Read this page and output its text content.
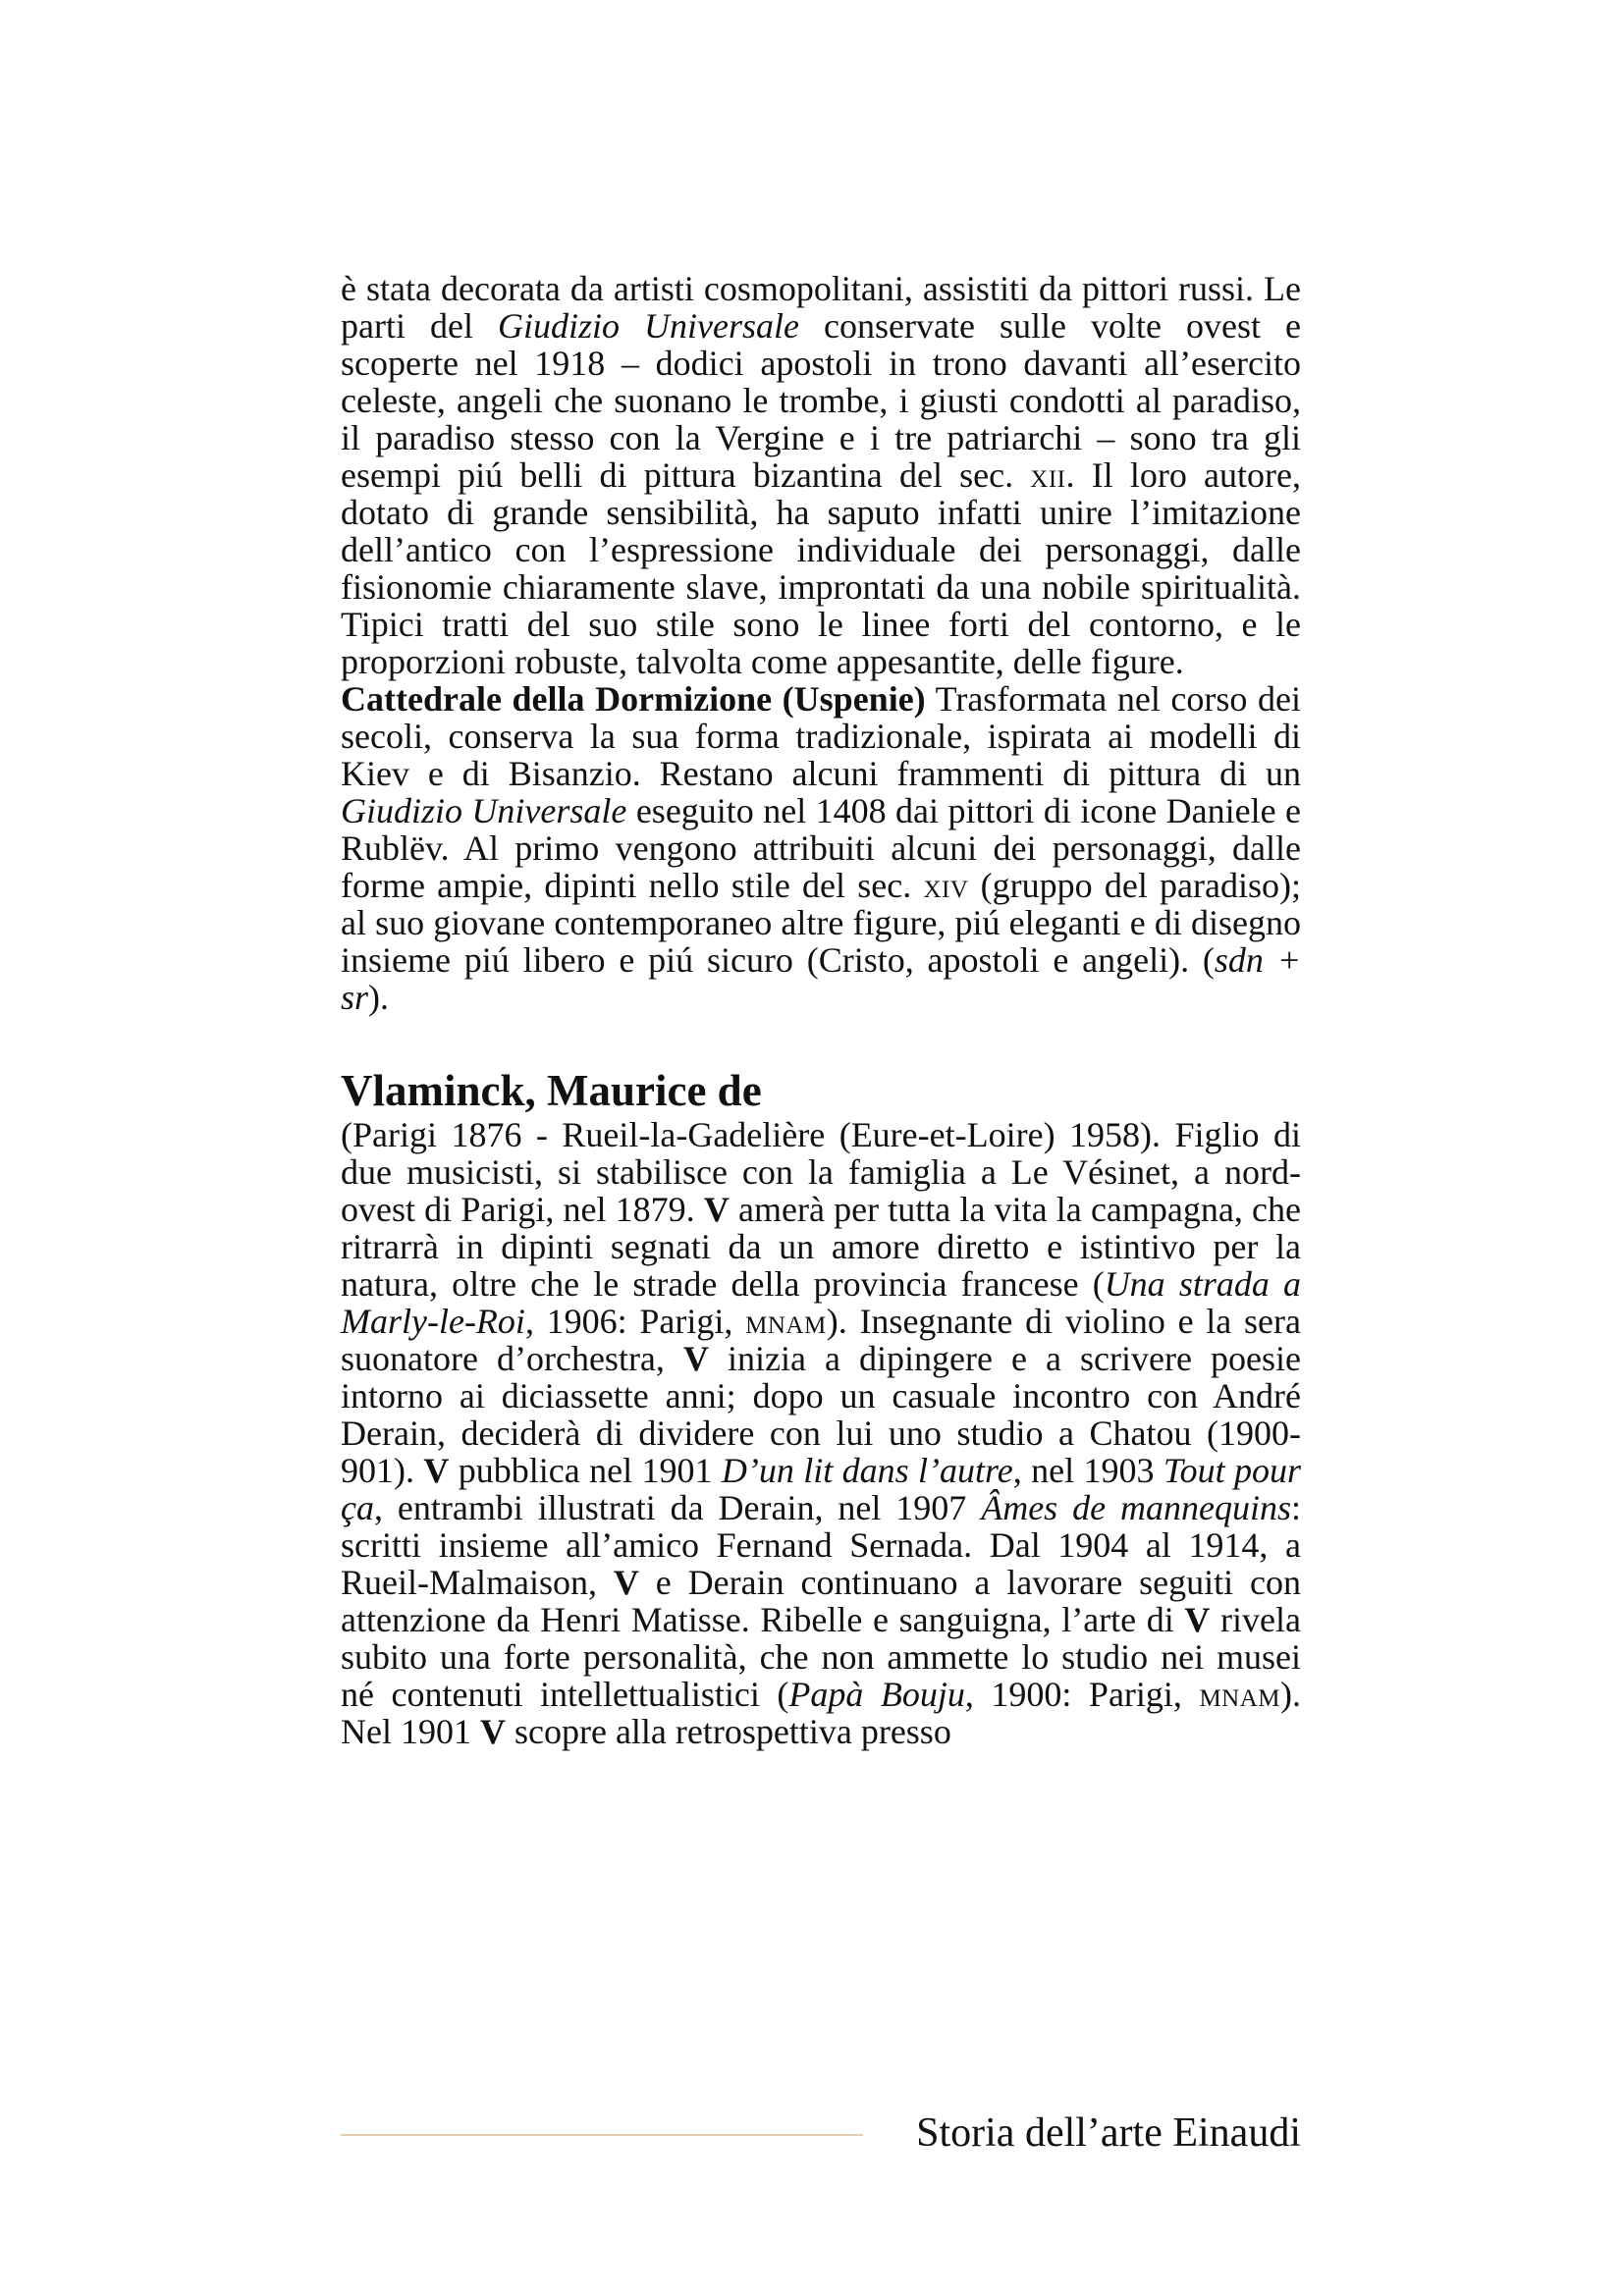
è stata decorata da artisti cosmopolitani, assistiti da pittori russi. Le parti del Giudizio Universale conservate sulle volte ovest e scoperte nel 1918 – dodici apostoli in trono davanti all’esercito celeste, angeli che suonano le trombe, i giusti condotti al paradiso, il paradiso stesso con la Vergine e i tre patriarchi – sono tra gli esempi piú belli di pittura bizantina del sec. xii. Il loro autore, dotato di grande sensibilità, ha saputo infatti unire l’imitazione dell’antico con l’espressione individuale dei personaggi, dalle fisionomie chiaramente slave, improntati da una nobile spiritualità. Tipici tratti del suo stile sono le linee forti del contorno, e le proporzioni robuste, talvolta come appesantite, delle figure.

Cattedrale della Dormizione (Uspenie) Trasformata nel corso dei secoli, conserva la sua forma tradizionale, ispirata ai modelli di Kiev e di Bisanzio. Restano alcuni frammenti di pittura di un Giudizio Universale eseguito nel 1408 dai pittori di icone Daniele e Rublëv. Al primo vengono attribuiti alcuni dei personaggi, dalle forme ampie, dipinti nello stile del sec. xiv (gruppo del paradiso); al suo giovane contemporaneo altre figure, piú eleganti e di disegno insieme piú libero e piú sicuro (Cristo, apostoli e angeli). (sdn + sr).

Vlaminck, Maurice de

(Parigi 1876 - Rueil-la-Gadelière (Eure-et-Loire) 1958). Figlio di due musicisti, si stabilisce con la famiglia a Le Vésinet, a nord-ovest di Parigi, nel 1879. V amerà per tutta la vita la campagna, che ritrarrà in dipinti segnati da un amore diretto e istintivo per la natura, oltre che le strade della provincia francese (Una strada a Marly-le-Roi, 1906: Parigi, mnam). Insegnante di violino e la sera suonatore d’orchestra, V inizia a dipingere e a scrivere poesie intorno ai diciassette anni; dopo un casuale incontro con André Derain, deciderà di dividere con lui uno studio a Chatou (1900-901). V pubblica nel 1901 D’un lit dans l’autre, nel 1903 Tout pour ça, entrambi illustrati da Derain, nel 1907 Âmes de mannequins: scritti insieme all’amico Fernand Sernada. Dal 1904 al 1914, a Rueil-Malmaison, V e Derain continuano a lavorare seguiti con attenzione da Henri Matisse. Ribelle e sanguigna, l’arte di V rivela subito una forte personalità, che non ammette lo studio nei musei né contenuti intellettualistici (Papà Bouju, 1900: Parigi, mnam). Nel 1901 V scopre alla retrospettiva presso

Storia dell’arte Einaudi
